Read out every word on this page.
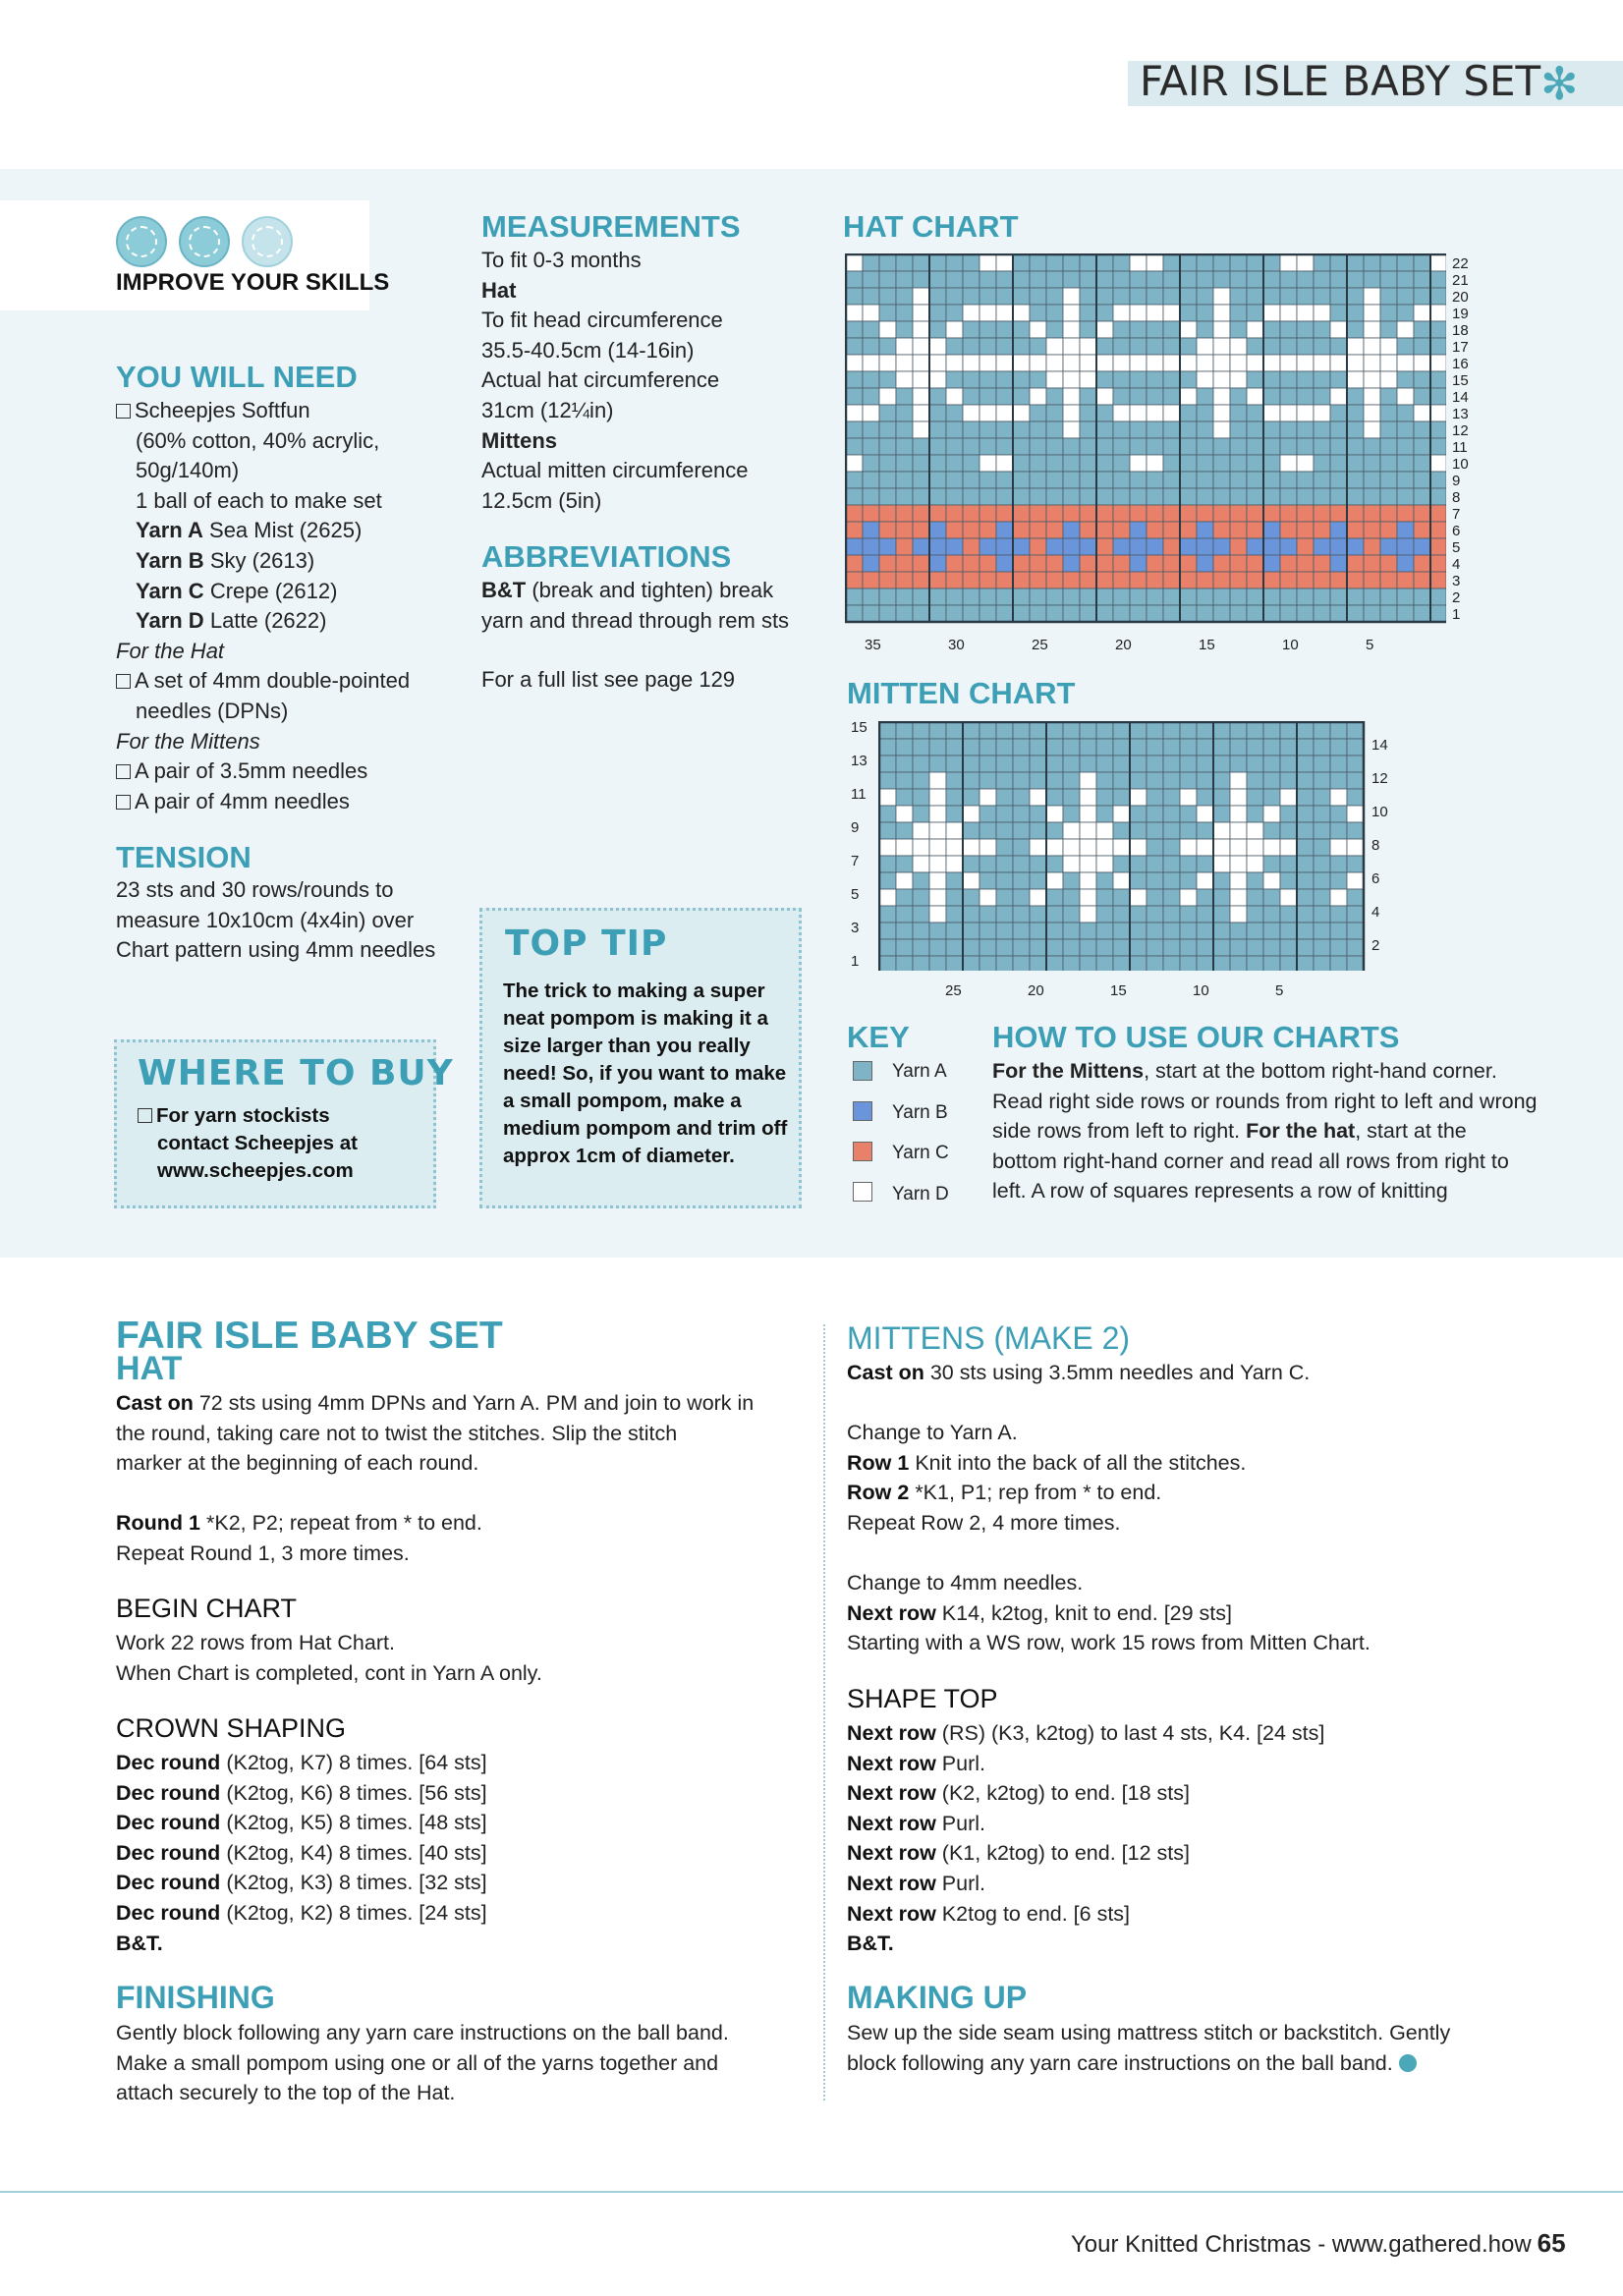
FAIR ISLE BABY SET ✻
IMPROVE YOUR SKILLS
YOU WILL NEED
Scheepjes Softfun
(60% cotton, 40% acrylic,
50g/140m)
1 ball of each to make set
Yarn A Sea Mist (2625)
Yarn B Sky (2613)
Yarn C Crepe (2612)
Yarn D Latte (2622)
For the Hat
A set of 4mm double-pointed
needles (DPNs)
For the Mittens
A pair of 3.5mm needles
A pair of 4mm needles
TENSION
23 sts and 30 rows/rounds to
measure 10x10cm (4x4in) over
Chart pattern using 4mm needles
WHERE TO BUY
For yarn stockists
contact Scheepjes at
www.scheepjes.com
MEASUREMENTS
To fit 0-3 months
Hat
To fit head circumference
35.5-40.5cm (14-16in)
Actual hat circumference
31cm (12¼in)
Mittens
Actual mitten circumference
12.5cm (5in)
ABBREVIATIONS
B&T (break and tighten) break
yarn and thread through rem sts
For a full list see page 129
TOP TIP
The trick to making a super
neat pompom is making it a
size larger than you really
need! So, if you want to make
a small pompom, make a
medium pompom and trim off
approx 1cm of diameter.
HAT CHART
22
21
20
19
18
17
16
15
14
13
12
11
10
9
8
7
6
5
4
3
2
1
35	30	25	20	15	10	5
MITTEN CHART
15
13
11
9
7
5
3
1
14
12
10
8
6
4
2
25	20	15	10	5
KEY
Yarn A
Yarn B
Yarn C
Yarn D
HOW TO USE OUR CHARTS
For the Mittens, start at the bottom right-hand corner.
Read right side rows or rounds from right to left and wrong
side rows from left to right. For the hat, start at the
bottom right-hand corner and read all rows from right to
left. A row of squares represents a row of knitting
FAIR ISLE BABY SET
HAT
Cast on 72 sts using 4mm DPNs and Yarn A. PM and join to work in
the round, taking care not to twist the stitches. Slip the stitch
marker at the beginning of each round.
Round 1 *K2, P2; repeat from * to end.
Repeat Round 1, 3 more times.
BEGIN CHART
Work 22 rows from Hat Chart.
When Chart is completed, cont in Yarn A only.
CROWN SHAPING
Dec round (K2tog, K7) 8 times. [64 sts]
Dec round (K2tog, K6) 8 times. [56 sts]
Dec round (K2tog, K5) 8 times. [48 sts]
Dec round (K2tog, K4) 8 times. [40 sts]
Dec round (K2tog, K3) 8 times. [32 sts]
Dec round (K2tog, K2) 8 times. [24 sts]
B&T.
FINISHING
Gently block following any yarn care instructions on the ball band.
Make a small pompom using one or all of the yarns together and
attach securely to the top of the Hat.
MITTENS (MAKE 2)
Cast on 30 sts using 3.5mm needles and Yarn C.
Change to Yarn A.
Row 1 Knit into the back of all the stitches.
Row 2 *K1, P1; rep from * to end.
Repeat Row 2, 4 more times.
Change to 4mm needles.
Next row K14, k2tog, knit to end. [29 sts]
Starting with a WS row, work 15 rows from Mitten Chart.
SHAPE TOP
Next row (RS) (K3, k2tog) to last 4 sts, K4. [24 sts]
Next row Purl.
Next row (K2, k2tog) to end. [18 sts]
Next row Purl.
Next row (K1, k2tog) to end. [12 sts]
Next row Purl.
Next row K2tog to end. [6 sts]
B&T.
MAKING UP
Sew up the side seam using mattress stitch or backstitch. Gently
block following any yarn care instructions on the ball band.
Your Knitted Christmas - www.gathered.how 65
